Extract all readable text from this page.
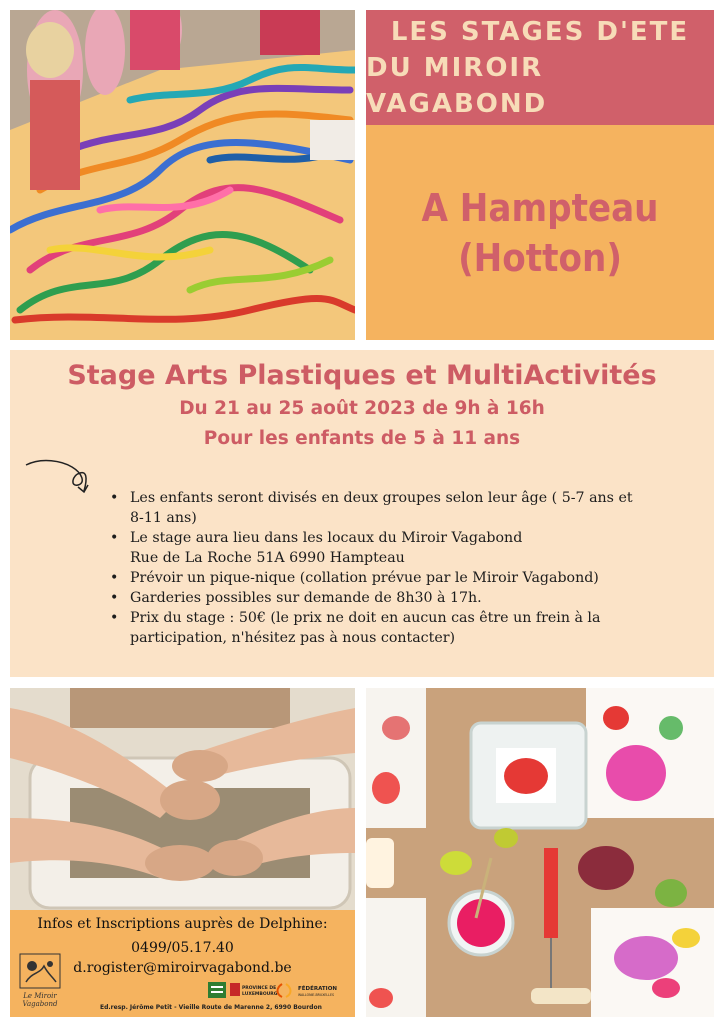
LES STAGES D'ETE
DU MIROIR VAGABOND
A Hampteau
(Hotton)
Stage Arts Plastiques et MultiActivités
Du 21 au 25 août 2023 de 9h à 16h
Pour les enfants de 5 à 11 ans
• Les enfants seront divisés en deux groupes selon leur âge ( 5-7 ans et 8-11 ans)
• Le stage aura lieu dans les locaux du Miroir Vagabond
Rue de La Roche 51A 6990 Hampteau
• Prévoir un pique-nique (collation prévue par le Miroir Vagabond)
• Garderies possibles sur demande de 8h30 à 17h.
• Prix du stage : 50€ (le prix ne doit en aucun cas être un frein à la participation, n'hésitez pas à nous contacter)
Infos et Inscriptions auprès de Delphine:
0499/05.17.40
d.rogister@miroirvagabond.be
Le Miroir
Vagabond
PROVINCE DE
LUXEMBOURG
FÉDÉRATION
WALLONIE-BRUXELLES
Ed.resp. Jérôme Petit - Vieille Route de Marenne 2, 6990 Bourdon
